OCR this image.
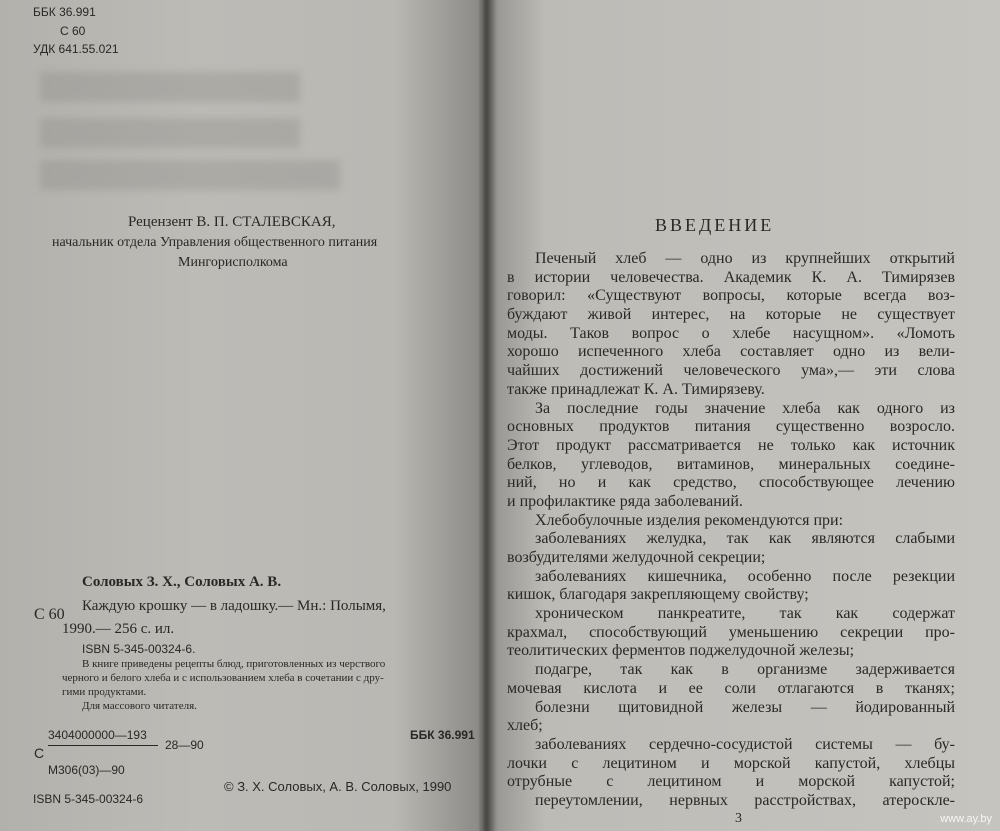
ББК 36.991
С 60
УДК 641.55.021
Рецензент В. П. СТАЛЕВСКАЯ,
начальник отдела Управления общественного питания
Мингорисполкома
Соловых З. Х., Соловых А. В.
С 60 Каждую крошку — в ладошку.— Мн.: Полымя,
1990.— 256 с. ил.
ISBN 5-345-00324-6.
В книге приведены рецепты блюд, приготовленных из черствого
черного и белого хлеба и с использованием хлеба в сочетании с дру-
гими продуктами.
Для массового читателя.
С
3404000000—193
28—90
М306(03)—90
ББК 36.991
ISBN 5-345-00324-6
© З. Х. Соловых, А. В. Соловых, 1990
ВВЕДЕНИЕ
Печеный хлеб — одно из крупнейших открытий
в истории человечества. Академик К. А. Тимирязев
говорил: «Существуют вопросы, которые всегда воз-
буждают живой интерес, на которые не существует
моды. Таков вопрос о хлебе насущном». «Ломоть
хорошо испеченного хлеба составляет одно из вели-
чайших достижений человеческого ума»,— эти слова
также принадлежат К. А. Тимирязеву.
За последние годы значение хлеба как одного из
основных продуктов питания существенно возросло.
Этот продукт рассматривается не только как источник
белков, углеводов, витаминов, минеральных соедине-
ний, но и как средство, способствующее лечению
и профилактике ряда заболеваний.
Хлебобулочные изделия рекомендуются при:
заболеваниях желудка, так как являются слабыми
возбудителями желудочной секреции;
заболеваниях кишечника, особенно после резекции
кишок, благодаря закрепляющему свойству;
хроническом панкреатите, так как содержат
крахмал, способствующий уменьшению секреции про-
теолитических ферментов поджелудочной железы;
подагре, так как в организме задерживается
мочевая кислота и ее соли отлагаются в тканях;
болезни щитовидной железы — йодированный
хлеб;
заболеваниях сердечно-сосудистой системы — бу-
лочки с лецитином и морской капустой, хлебцы
отрубные с лецитином и морской капустой;
переутомлении, нервных расстройствах, атероскле-
3	www.ay.by
